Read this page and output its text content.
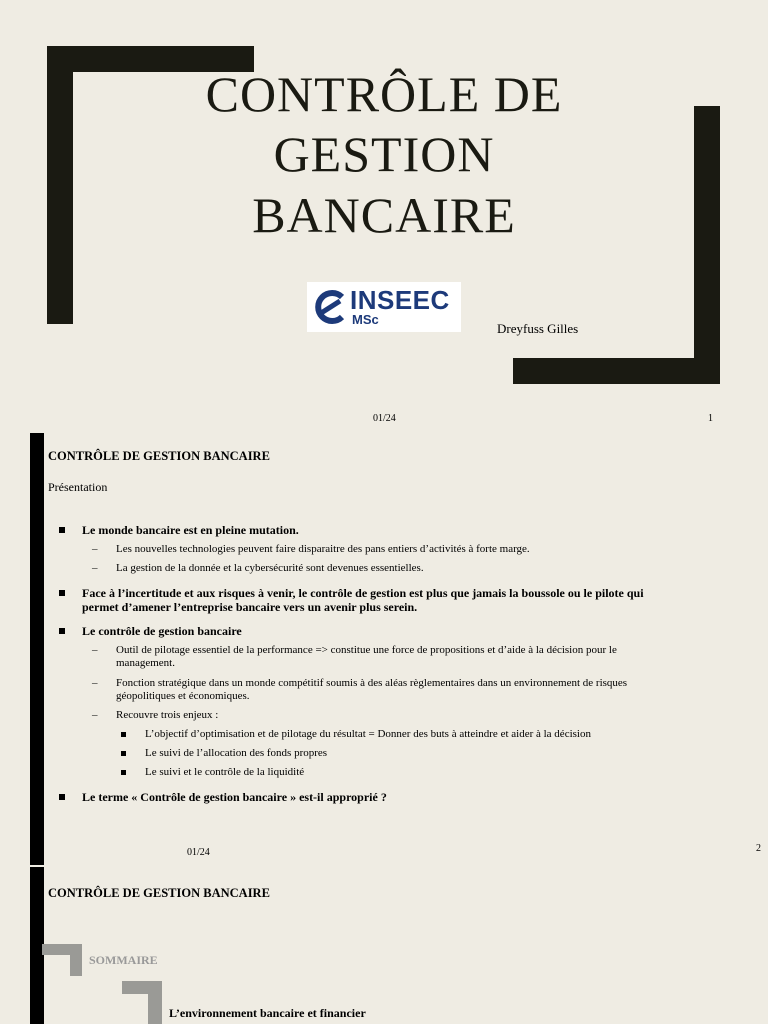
CONTRÔLE DE
GESTION
BANCAIRE
INSEEC
MSc
Dreyfuss Gilles
01/24	1
CONTRÔLE DE GESTION BANCAIRE
Présentation
Le monde bancaire est en pleine mutation.
– Les nouvelles technologies peuvent faire disparaitre des pans entiers d’activités à forte marge.
– La gestion de la donnée et la cybersécurité sont devenues essentielles.
Face à l’incertitude et aux risques à venir, le contrôle de gestion est plus que jamais la boussole ou le pilote qui
permet d’amener l’entreprise bancaire vers un avenir plus serein.
Le contrôle de gestion bancaire
– Outil de pilotage essentiel de la performance => constitue une force de propositions et d’aide à la décision pour le
management.
– Fonction stratégique dans un monde compétitif soumis à des aléas règlementaires dans un environnement de risques
géopolitiques et économiques.
– Recouvre trois enjeux :
L’objectif d’optimisation et de pilotage du résultat = Donner des buts à atteindre et aider à la décision
Le suivi de l’allocation des fonds propres
Le suivi et le contrôle de la liquidité
Le terme « Contrôle de gestion bancaire » est-il approprié ?
01/24	2
CONTRÔLE DE GESTION BANCAIRE
SOMMAIRE
L’environnement bancaire et financier
